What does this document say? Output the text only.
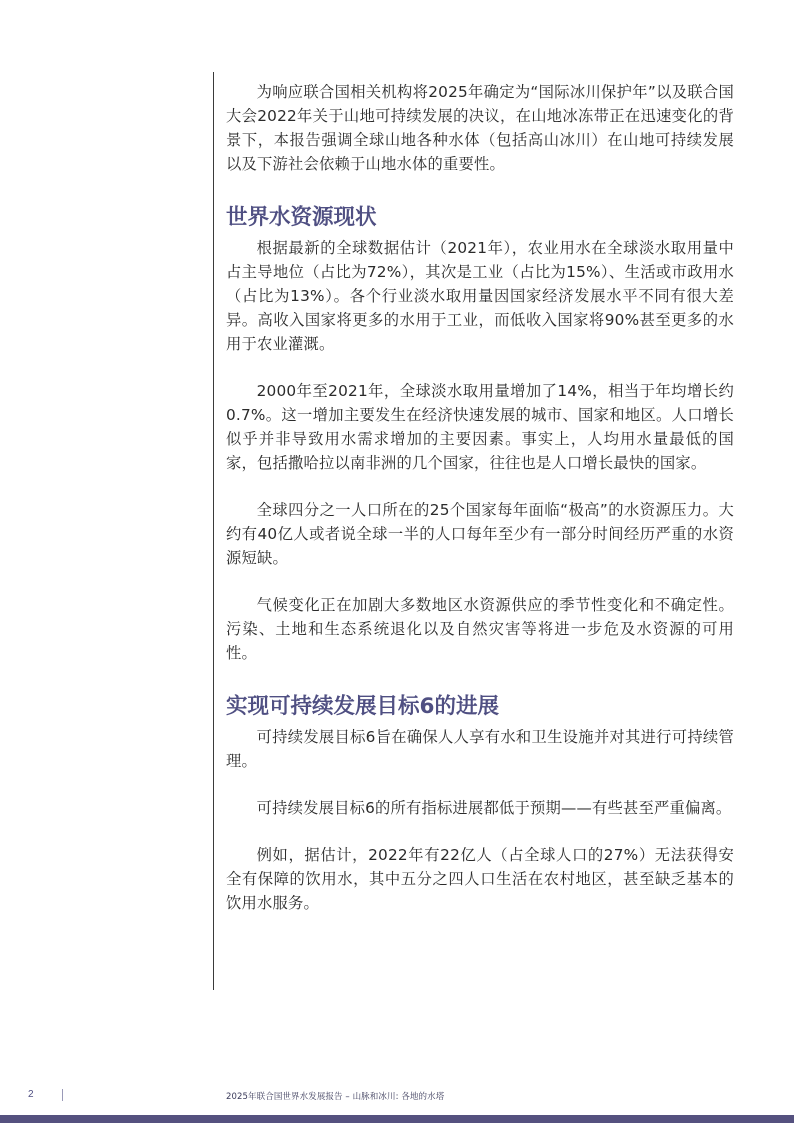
为响应联合国相关机构将2025年确定为“国际冰川保护年”以及联合国大会2022年关于山地可持续发展的决议，在山地冰冻带正在迅速变化的背景下，本报告强调全球山地各种水体（包括高山冰川）在山地可持续发展以及下游社会依赖于山地水体的重要性。

世界水资源现状

根据最新的全球数据估计（2021年），农业用水在全球淡水取用量中占主导地位（占比为72%），其次是工业（占比为15%）、生活或市政用水（占比为13%）。各个行业淡水取用量因国家经济发展水平不同有很大差异。高收入国家将更多的水用于工业，而低收入国家将90%甚至更多的水用于农业灌溉。

2000年至2021年，全球淡水取用量增加了14%，相当于年均增长约0.7%。这一增加主要发生在经济快速发展的城市、国家和地区。人口增长似乎并非导致用水需求增加的主要因素。事实上，人均用水量最低的国家，包括撒哈拉以南非洲的几个国家，往往也是人口增长最快的国家。

全球四分之一人口所在的25个国家每年面临“极高”的水资源压力。大约有40亿人或者说全球一半的人口每年至少有一部分时间经历严重的水资源短缺。

气候变化正在加剧大多数地区水资源供应的季节性变化和不确定性。污染、土地和生态系统退化以及自然灾害等将进一步危及水资源的可用性。

实现可持续发展目标6的进展

可持续发展目标6旨在确保人人享有水和卫生设施并对其进行可持续管理。

可持续发展目标6的所有指标进展都低于预期——有些甚至严重偏离。

例如，据估计，2022年有22亿人（占全球人口的27%）无法获得安全有保障的饮用水，其中五分之四人口生活在农村地区，甚至缺乏基本的饮用水服务。

2	2025年联合国世界水发展报告 – 山脉和冰川: 各地的水塔
